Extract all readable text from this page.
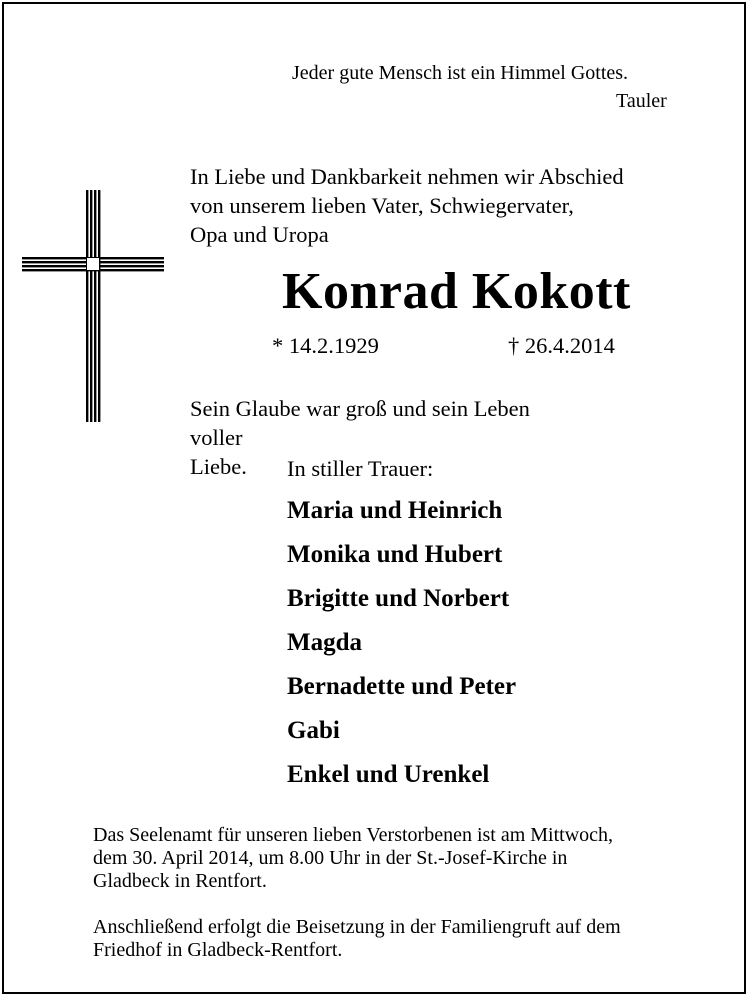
Jeder gute Mensch ist ein Himmel Gottes.
Tauler
In Liebe und Dankbarkeit nehmen wir Abschied
von unserem lieben Vater, Schwiegervater,
Opa und Uropa
Konrad Kokott
* 14.2.1929	† 26.4.2014
Sein Glaube war groß und sein Leben voller
Liebe.	In stiller Trauer:
Maria und Heinrich
Monika und Hubert
Brigitte und Norbert
Magda
Bernadette und Peter
Gabi
Enkel und Urenkel
Das Seelenamt für unseren lieben Verstorbenen ist am Mittwoch,
dem 30. April 2014, um 8.00 Uhr in der St.-Josef-Kirche in
Gladbeck in Rentfort.
Anschließend erfolgt die Beisetzung in der Familiengruft auf dem
Friedhof in Gladbeck-Rentfort.
